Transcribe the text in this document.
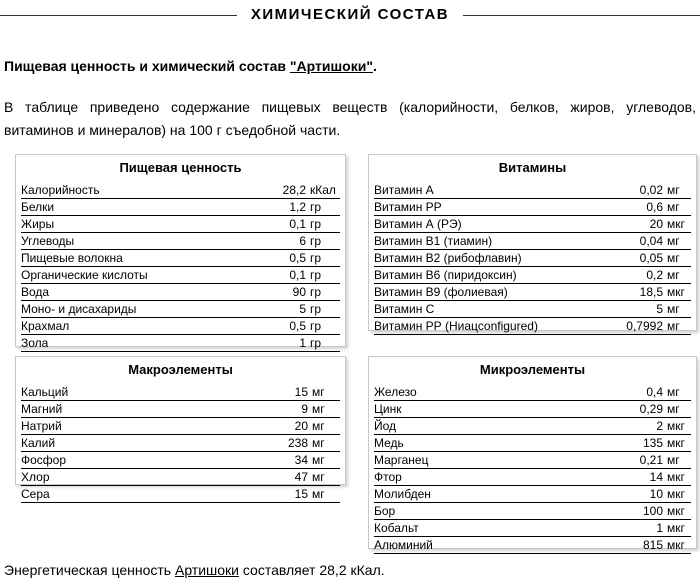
ХИМИЧЕСКИЙ СОСТАВ
Пищевая ценность и химический состав "Артишоки".
В таблице приведено содержание пищевых веществ (калорийности, белков, жиров, углеводов, витаминов и минералов) на 100 г съедобной части.
Пищевая ценность
Калорийность	28,2 кКал
Белки	1,2 гр
Жиры	0,1 гр
Углеводы	6 гр
Пищевые волокна	0,5 гр
Органические кислоты	0,1 гр
Вода	90 гр
Моно- и дисахариды	5 гр
Крахмал	0,5 гр
Зола	1 гр
Витамины
Витамин А	0,02 мг
Витамин РР	0,6 мг
Витамин А (РЭ)	20 мкг
Витамин В1 (тиамин)	0,04 мг
Витамин В2 (рибофлавин)	0,05 мг
Витамин В6 (пиридоксин)	0,2 мг
Витамин В9 (фолиевая)	18,5 мкг
Витамин С	5 мг
Витамин РР (Ниацconfigured)	0,7992 мг
Макроэлементы
Кальций	15 мг
Магний	9 мг
Натрий	20 мг
Калий	238 мг
Фосфор	34 мг
Хлор	47 мг
Сера	15 мг
Микроэлементы
Железо	0,4 мг
Цинк	0,29 мг
Йод	2 мкг
Медь	135 мкг
Марганец	0,21 мг
Фтор	14 мкг
Молибден	10 мкг
Бор	100 мкг
Кобальт	1 мкг
Алюминий	815 мкг
Энергетическая ценность Артишоки составляет 28,2 кКал.
